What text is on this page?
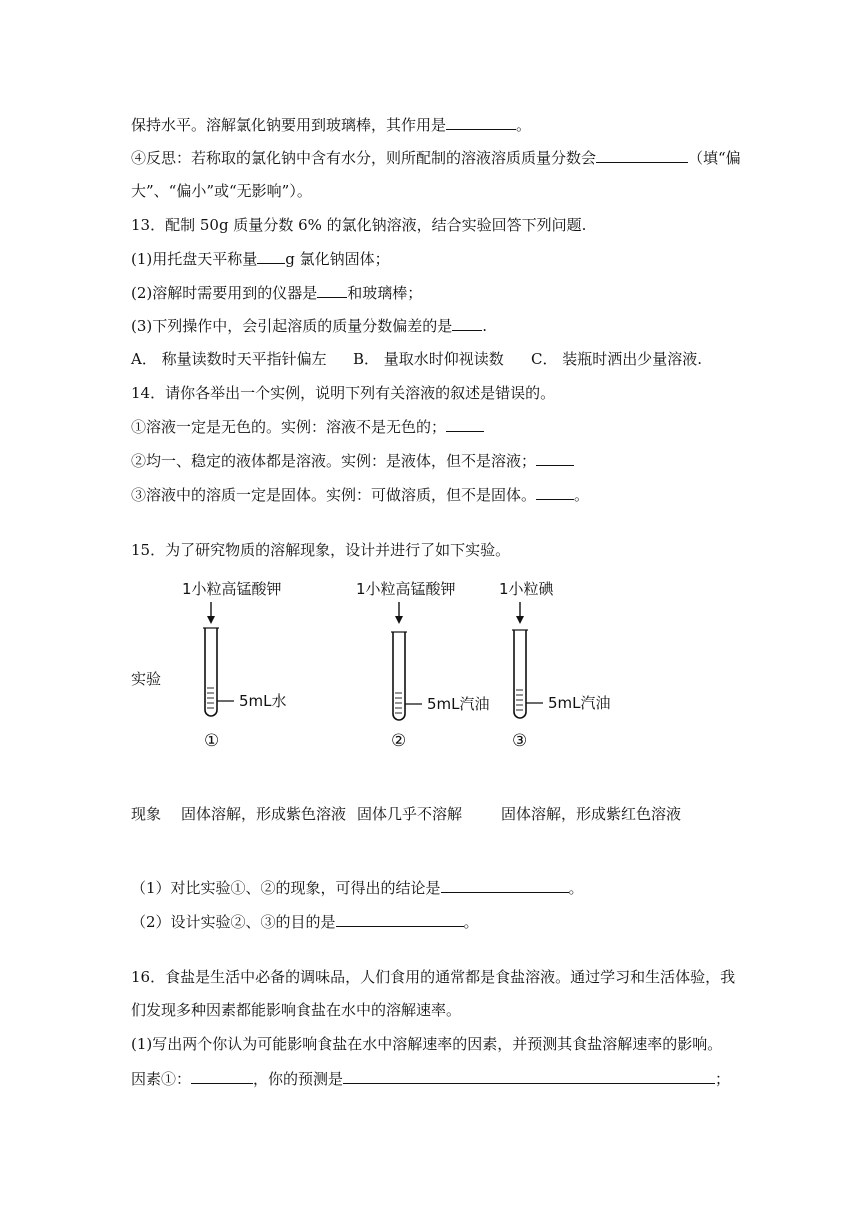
保持水平。溶解氯化钠要用到玻璃棒，其作用是	。
④反思：若称取的氯化钠中含有水分，则所配制的溶液溶质质量分数会	（填“偏
大”、“偏小”或“无影响”）。
13．配制 50g 质量分数 6% 的氯化钠溶液，结合实验回答下列问题.
(1)用托盘天平称量 g 氯化钠固体；
(2)溶解时需要用到的仪器是 和玻璃棒；
(3)下列操作中，会引起溶质的质量分数偏差的是 .
A． 称量读数时天平指针偏左 B． 量取水时仰视读数 C． 装瓶时洒出少量溶液.
14．请你各举出一个实例，说明下列有关溶液的叙述是错误的。
①溶液一定是无色的。实例：溶液不是无色的；
②均一、稳定的液体都是溶液。实例：是液体，但不是溶液；
③溶液中的溶质一定是固体。实例：可做溶质，但不是固体。	。
15．为了研究物质的溶解现象，设计并进行了如下实验。
实验
1小粒高锰酸钾
5mL水
①
1小粒高锰酸钾
5mL汽油
②
1小粒碘
5mL汽油
③
现象 固体溶解，形成紫色溶液 固体几乎不溶解	固体溶解，形成紫红色溶液
（1）对比实验①、②的现象，可得出的结论是	。
（2）设计实验②、③的目的是	。
16．食盐是生活中必备的调味品，人们食用的通常都是食盐溶液。通过学习和生活体验，我
们发现多种因素都能影响食盐在水中的溶解速率。
(1)写出两个你认为可能影响食盐在水中溶解速率的因素，并预测其食盐溶解速率的影响。
因素①：	，你的预测是	；
